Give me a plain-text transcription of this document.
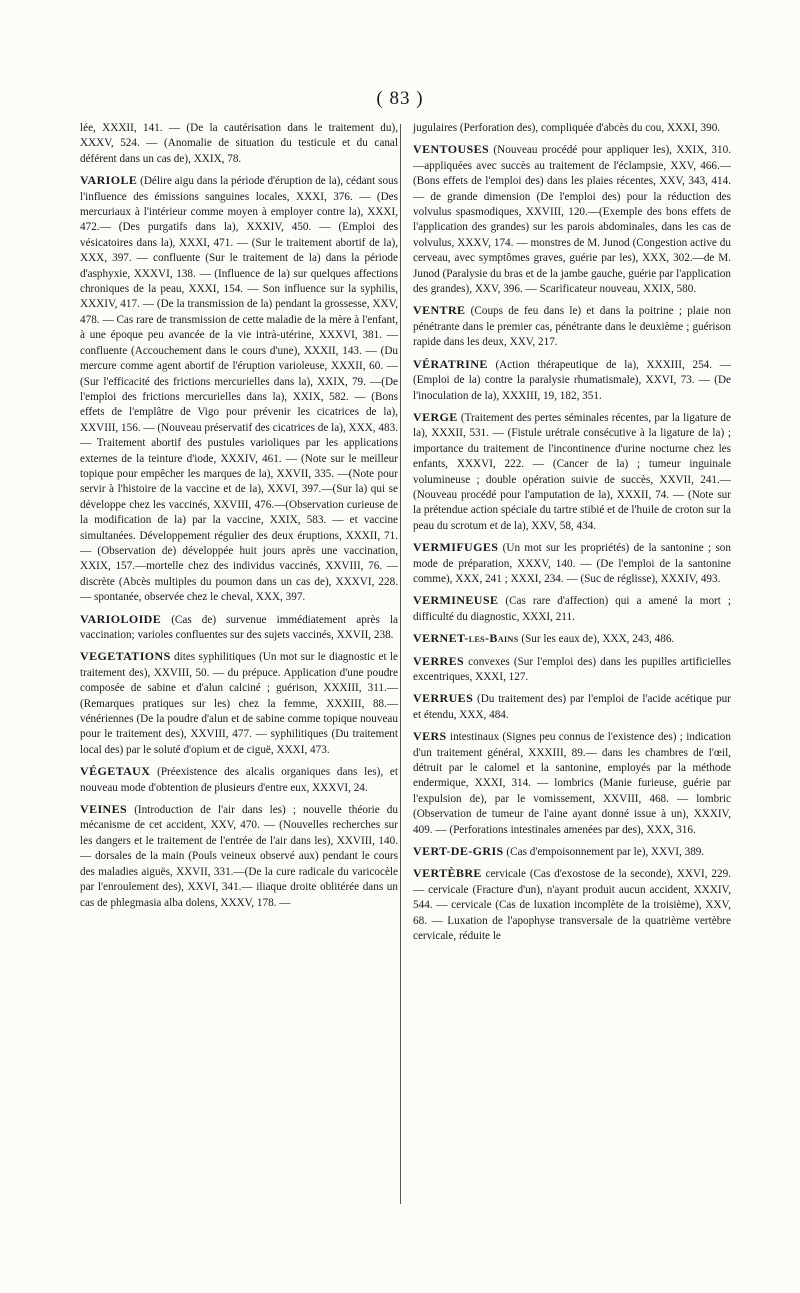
( 83 )

lée, XXXII, 141. — (De la cautérisation dans le traitement du), XXXV, 524. — (Anomalie de situation du testicule et du canal déférent dans un cas de), XXIX, 78.

VARIOLE (Délire aigu dans la période d'éruption de la), cédant sous l'influence des émissions sanguines locales, XXXI, 376. — (Des mercuriaux à l'intérieur comme moyen à employer contre la), XXXI, 472.— (Des purgatifs dans la), XXXIV, 450. — (Emploi des vésicatoires dans la), XXXI, 471. — (Sur le traitement abortif de la), XXX, 397. — confluente (Sur le traitement de la) dans la période d'asphyxie, XXXVI, 138. — (Influence de la) sur quelques affections chroniques de la peau, XXXI, 154. — Son influence sur la syphilis, XXXIV, 417. — (De la transmission de la) pendant la grossesse, XXV, 478. — Cas rare de transmission de cette maladie de la mère à l'enfant, à une époque peu avancée de la vie intrà-utérine, XXXVI, 381. — confluente (Accouchement dans le cours d'une), XXXII, 143. — (Du mercure comme agent abortif de l'éruption varioleuse, XXXII, 60. — (Sur l'efficacité des frictions mercurielles dans la), XXIX, 79. —(De l'emploi des frictions mercurielles dans la), XXIX, 582. — (Bons effets de l'emplâtre de Vigo pour prévenir les cicatrices de la), XXVIII, 156. — (Nouveau préservatif des cicatrices de la), XXX, 483. — Traitement abortif des pustules varioliques par les applications externes de la teinture d'iode, XXXIV, 461. — (Note sur le meilleur topique pour empêcher les marques de la), XXVII, 335. —(Note pour servir à l'histoire de la vaccine et de la), XXVI, 397.—(Sur la) qui se développe chez les vaccinés, XXVIII, 476.—(Observation curieuse de la modification de la) par la vaccine, XXIX, 583. — et vaccine simultanées. Développement régulier des deux éruptions, XXXII, 71. — (Observation de) développée huit jours après une vaccination, XXIX, 157.—mortelle chez des individus vaccinés, XXVIII, 76. — discrète (Abcès multiples du poumon dans un cas de), XXXVI, 228. — spontanée, observée chez le cheval, XXX, 397.

VARIOLOIDE (Cas de) survenue immédiatement après la vaccination; varioles confluentes sur des sujets vaccinés, XXVII, 238.

VEGETATIONS dites syphilitiques (Un mot sur le diagnostic et le traitement des), XXVIII, 50. — du prépuce. Application d'une poudre composée de sabine et d'alun calciné ; guérison, XXXIII, 311.— (Remarques pratiques sur les) chez la femme, XXXIII, 88.—vénériennes (De la poudre d'alun et de sabine comme topique nouveau pour le traitement des), XXVIII, 477. — syphilitiques (Du traitement local des) par le soluté d'opium et de ciguë, XXXI, 473.

VÉGETAUX (Préexistence des alcalis organiques dans les), et nouveau mode d'obtention de plusieurs d'entre eux, XXXVI, 24.

VEINES (Introduction de l'air dans les) ; nouvelle théorie du mécanisme de cet accident, XXV, 470. — (Nouvelles recherches sur les dangers et le traitement de l'entrée de l'air dans les), XXVIII, 140.— dorsales de la main (Pouls veineux observé aux) pendant le cours des maladies aiguës, XXVII, 331.—(De la cure radicale du varicocèle par l'enroulement des), XXVI, 341.— iliaque droite oblitérée dans un cas de phlegmasia alba dolens, XXXV, 178. —

jugulaires (Perforation des), compliquée d'abcès du cou, XXXI, 390.

VENTOUSES (Nouveau procédé pour appliquer les), XXIX, 310.—appliquées avec succès au traitement de l'éclampsie, XXV, 466.—(Bons effets de l'emploi des) dans les plaies récentes, XXV, 343, 414. — de grande dimension (De l'emploi des) pour la réduction des volvulus spasmodiques, XXVIII, 120.—(Exemple des bons effets de l'application des grandes) sur les parois abdominales, dans les cas de volvulus, XXXV, 174. — monstres de M. Junod (Congestion active du cerveau, avec symptômes graves, guérie par les), XXX, 302.—de M. Junod (Paralysie du bras et de la jambe gauche, guérie par l'application des grandes), XXV, 396. — Scarificateur nouveau, XXIX, 580.

VENTRE (Coups de feu dans le) et dans la poitrine ; plaie non pénétrante dans le premier cas, pénétrante dans le deuxième ; guérison rapide dans les deux, XXV, 217.

VÉRATRINE (Action thérapeutique de la), XXXIII, 254. — (Emploi de la) contre la paralysie rhumatismale), XXVI, 73. — (De l'inoculation de la), XXXIII, 19, 182, 351.

VERGE (Traitement des pertes séminales récentes, par la ligature de la), XXXII, 531. — (Fistule urétrale consécutive à la ligature de la) ; importance du traitement de l'incontinence d'urine nocturne chez les enfants, XXXVI, 222. — (Cancer de la) ; tumeur inguinale volumineuse ; double opération suivie de succès, XXVII, 241.—(Nouveau procédé pour l'amputation de la), XXXII, 74. — (Note sur la prétendue action spéciale du tartre stibié et de l'huile de croton sur la peau du scrotum et de la), XXV, 58, 434.

VERMIFUGES (Un mot sur les propriétés) de la santonine ; son mode de préparation, XXXV, 140. — (De l'emploi de la santonine comme), XXX, 241 ; XXXI, 234. — (Suc de réglisse), XXXIV, 493.

VERMINEUSE (Cas rare d'affection) qui a amené la mort ; difficulté du diagnostic, XXXI, 211.

VERNET-les-Bains (Sur les eaux de), XXX, 243, 486.

VERRES convexes (Sur l'emploi des) dans les pupilles artificielles excentriques, XXXI, 127.

VERRUES (Du traitement des) par l'emploi de l'acide acétique pur et étendu, XXX, 484.

VERS intestinaux (Signes peu connus de l'existence des) ; indication d'un traitement général, XXXIII, 89.— dans les chambres de l'œil, détruit par le calomel et la santonine, employés par la méthode endermique, XXXI, 314. — lombrics (Manie furieuse, guérie par l'expulsion de), par le vomissement, XXVIII, 468. — lombric (Observation de tumeur de l'aine ayant donné issue à un), XXXIV, 409. — (Perforations intestinales amenées par des), XXX, 316.

VERT-DE-GRIS (Cas d'empoisonnement par le), XXVI, 389.

VERTÈBRE cervicale (Cas d'exostose de la seconde), XXVI, 229. — cervicale (Fracture d'un), n'ayant produit aucun accident, XXXIV, 544. — cervicale (Cas de luxation incomplète de la troisième), XXV, 68. — Luxation de l'apophyse transversale de la quatrième vertèbre cervicale, réduite le
